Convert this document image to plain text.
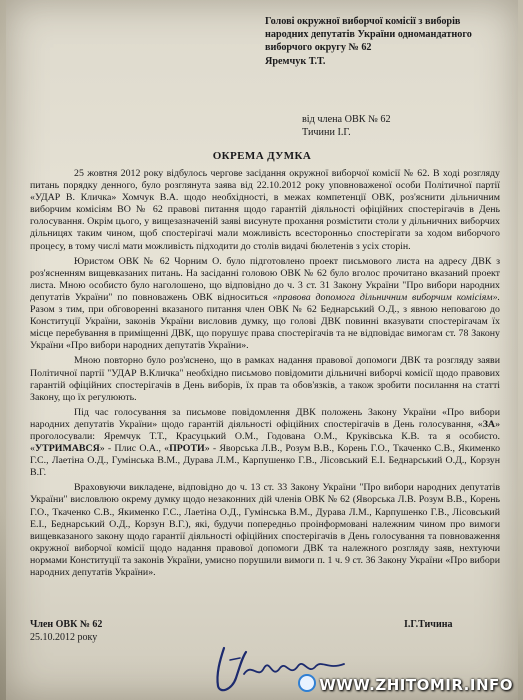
Голові окружної виборчої комісії з виборів
народних депутатів України одномандатного
виборчого округу № 62
Яремчук Т.Т.
від члена ОВК № 62
Тичини І.Г.
ОКРЕМА ДУМКА

25 жовтня 2012 року відбулось чергове засідання окружної виборчої комісії № 62. В ході розгляду питань порядку денного, було розглянута заява від 22.10.2012 року уповноваженої особи Політичної партії «УДАР В. Кличка» Хомчук В.А. щодо необхідності, в межах компетенції ОВК, роз'яснити дільничним виборчим комісіям ВО № 62 правові питання щодо гарантій діяльності офіційних спостерігачів в День голосування. Окрім цього, у вищезазначеній заяві висунуте прохання розмістити столи у дільничних виборчих дільницях таким чином, щоб спостерігачі мали можливість всесторонньо спостерігати за ходом виборчого процесу, в тому числі мати можливість підходити до столів видачі бюлетенів з усіх сторін.

Юристом ОВК № 62 Чорним О. було підготовлено проект письмового листа на адресу ДВК з роз'ясненням вищевказаних питань. На засіданні головою ОВК № 62 було вголос прочитано вказаний проект листа. Мною особисто було наголошено, що відповідно до ч. 3 ст. 31 Закону України "Про вибори народних депутатів України" по повноважень ОВК відноситься «правова допомога дільничним виборчим комісіям». Разом з тим, при обговоренні вказаного питання член ОВК № 62 Беднарський О.Д., з явною неповагою до Конституції України, законів України висловив думку, що голові ДВК повинні вказувати спостерігачам їх місце перебування в приміщенні ДВК, що порушує права спостерігачів та не відповідає вимогам ст. 78 Закону України «Про вибори народних депутатів України».

Мною повторно було роз'яснено, що в рамках надання правової допомоги ДВК та розгляду заяви Політичної партії "УДАР В.Кличка" необхідно письмово повідомити дільничні виборчі комісії щодо правових гарантій офіційних спостерігачів в День виборів, їх прав та обов'язків, а також зробити посилання на статті Закону, що їх регулюють.

Під час голосування за письмове повідомлення ДВК положень Закону України «Про вибори народних депутатів України» щодо гарантій діяльності офіційних спостерігачів в День голосування, «ЗА» проголосували: Яремчук Т.Т., Красуцький О.М., Годована О.М., Круківська К.В. та я особисто. «УТРИМАВСЯ» - Плис О.А., «ПРОТИ» - Яворська Л.В., Розум В.В., Корень Г.О., Ткаченко С.В., Якименко Г.С., Лаетіна О.Д., Гумінська В.М., Дурава Л.М., Карпушенко Г.В., Лісовський Е.І. Беднарський О.Д., Корзун В.Г.

Враховуючи викладене, відповідно до ч. 13 ст. 33 Закону України "Про вибори народних депутатів України" висловлюю окрему думку щодо незаконних дій членів ОВК № 62 (Яворська Л.В. Розум В.В., Корень Г.О., Ткаченко С.В., Якименко Г.С., Лаетіна О.Д., Гумінська В.М., Дурава Л.М., Карпушенко Г.В., Лісовський Е.І., Беднарський О.Д., Корзун В.Г.), які, будучи попередньо проінформовані належним чином про вимоги вищевказаного закону щодо гарантії діяльності офіційних спостерігачів в День голосування та повноваження окружної виборчої комісії щодо надання правової допомоги ДВК та належного розгляду заяв, нехтуючи нормами Конституції та законів України, умисно порушили вимоги п. 1 ч. 9 ст. 36 Закону України «Про вибори народних депутатів України».

Член ОВК № 62
25.10.2012 року
І.Г.Тичина
WWW.ZHITOMIR.INFO
